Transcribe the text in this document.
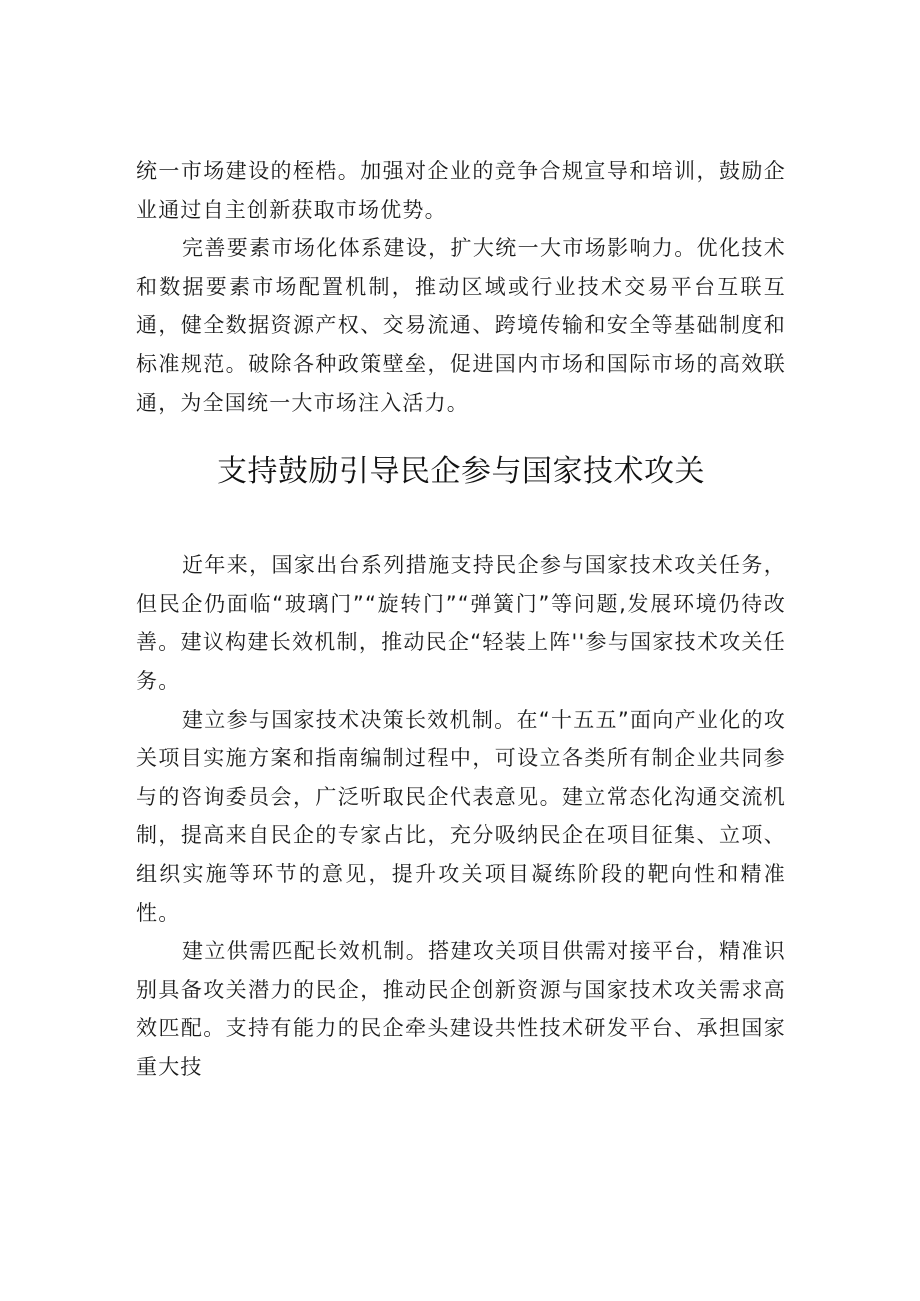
统一市场建设的桎梏。加强对企业的竞争合规宣导和培训，鼓励企业通过自主创新获取市场优势。

完善要素市场化体系建设，扩大统一大市场影响力。优化技术和数据要素市场配置机制，推动区域或行业技术交易平台互联互通，健全数据资源产权、交易流通、跨境传输和安全等基础制度和标准规范。破除各种政策壁垒，促进国内市场和国际市场的高效联通，为全国统一大市场注入活力。

支持鼓励引导民企参与国家技术攻关

近年来，国家出台系列措施支持民企参与国家技术攻关任务，但民企仍面临“玻璃门”“旋转门”“弹簧门”等问题,发展环境仍待改善。建议构建长效机制，推动民企“轻装上阵''参与国家技术攻关任务。

建立参与国家技术决策长效机制。在“十五五”面向产业化的攻关项目实施方案和指南编制过程中，可设立各类所有制企业共同参与的咨询委员会，广泛听取民企代表意见。建立常态化沟通交流机制，提高来自民企的专家占比，充分吸纳民企在项目征集、立项、组织实施等环节的意见，提升攻关项目凝练阶段的靶向性和精准性。

建立供需匹配长效机制。搭建攻关项目供需对接平台，精准识别具备攻关潜力的民企，推动民企创新资源与国家技术攻关需求高效匹配。支持有能力的民企牵头建设共性技术研发平台、承担国家重大技
